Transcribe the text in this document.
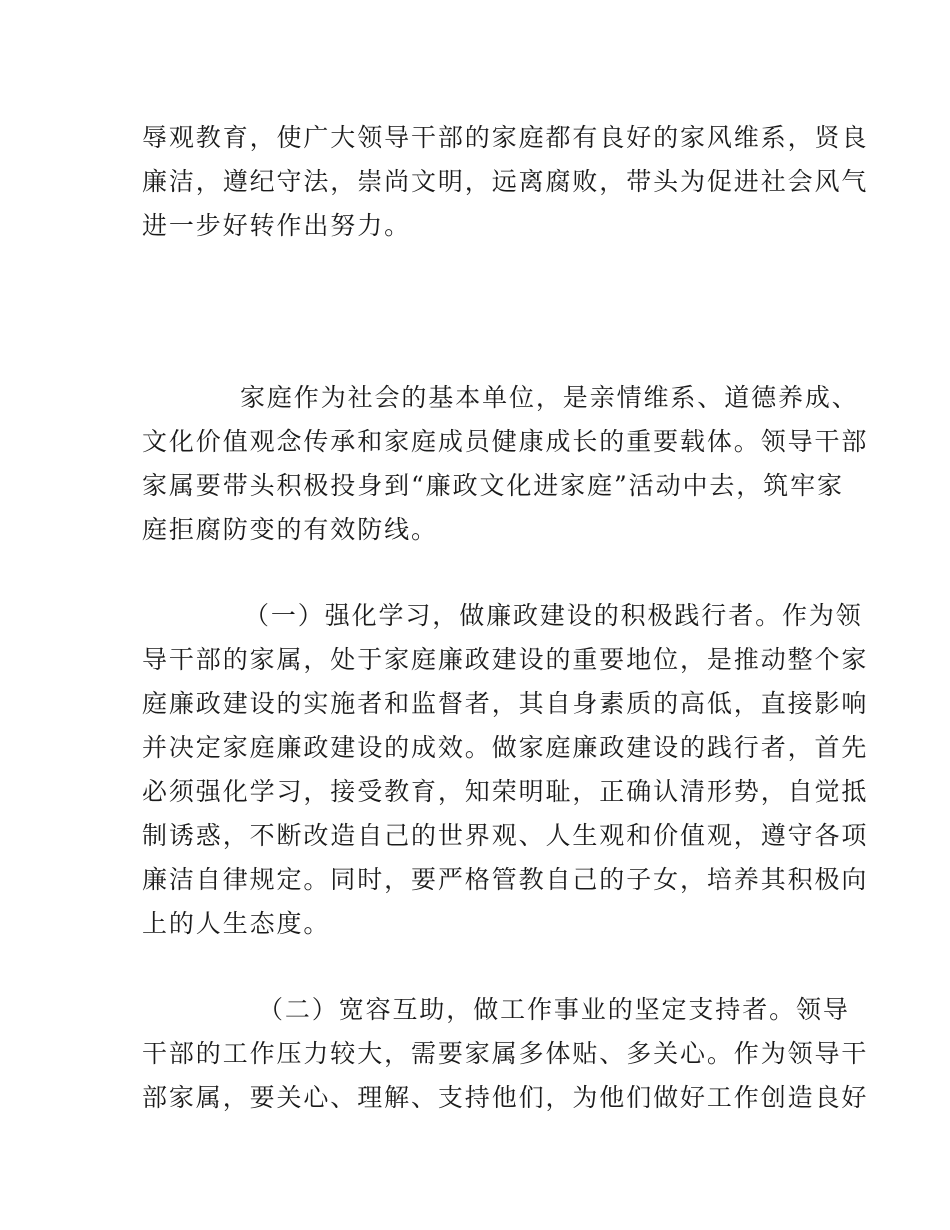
辱观教育，使广大领导干部的家庭都有良好的家风维系，贤良

廉洁，遵纪守法，崇尚文明，远离腐败，带头为促进社会风气

进一步好转作出努力。

家庭作为社会的基本单位，是亲情维系、道德养成、

文化价值观念传承和家庭成员健康成长的重要载体。领导干部

家属要带头积极投身到“廉政文化进家庭”活动中去，筑牢家

庭拒腐防变的有效防线。

（一）强化学习，做廉政建设的积极践行者。作为领

导干部的家属，处于家庭廉政建设的重要地位，是推动整个家

庭廉政建设的实施者和监督者，其自身素质的高低，直接影响

并决定家庭廉政建设的成效。做家庭廉政建设的践行者，首先

必须强化学习，接受教育，知荣明耻，正确认清形势，自觉抵

制诱惑，不断改造自己的世界观、人生观和价值观，遵守各项

廉洁自律规定。同时，要严格管教自己的子女，培养其积极向

上的人生态度。

（二）宽容互助，做工作事业的坚定支持者。领导

干部的工作压力较大，需要家属多体贴、多关心。作为领导干

部家属，要关心、理解、支持他们，为他们做好工作创造良好
